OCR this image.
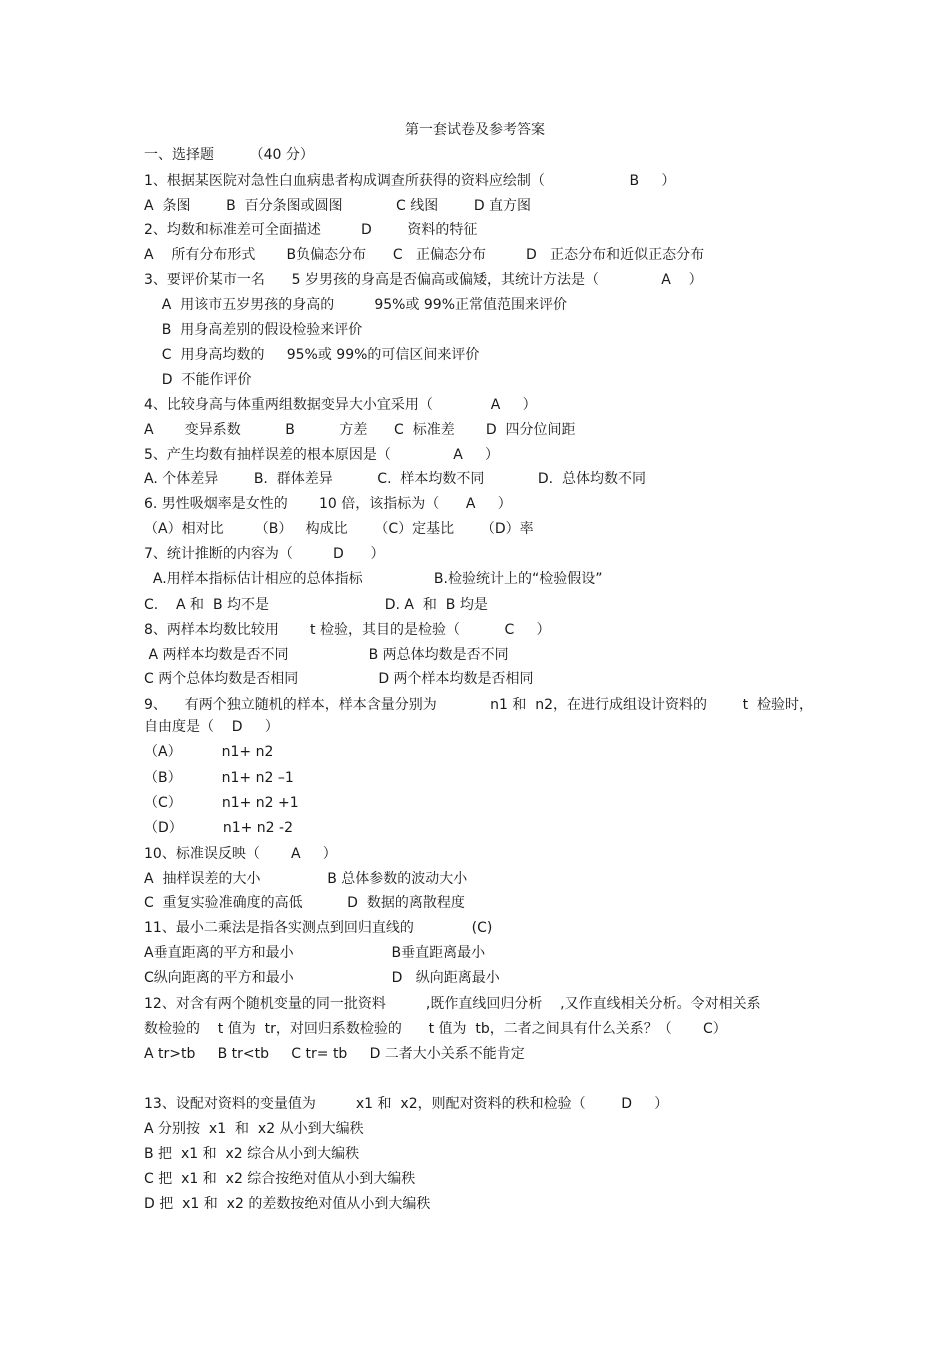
第一套试卷及参考答案
一、选择题        （40 分）
1、根据某医院对急性白血病患者构成调查所获得的资料应绘制（                   B     ）
A  条图        B  百分条图或圆图            C 线图        D 直方图
2、均数和标准差可全面描述         D        资料的特征
A    所有分布形式       B负偏态分布      C   正偏态分布         D   正态分布和近似正态分布
3、要评价某市一名      5 岁男孩的身高是否偏高或偏矮，其统计方法是（              A    ）
A  用该市五岁男孩的身高的         95%或 99%正常值范围来评价
B  用身高差别的假设检验来评价
C  用身高均数的     95%或 99%的可信区间来评价
D  不能作评价
4、比较身高与体重两组数据变异大小宜采用（             A     ）
A       变异系数          B          方差      C  标准差       D  四分位间距
5、产生均数有抽样误差的根本原因是（              A     ）
A. 个体差异        B.  群体差异          C.  样本均数不同            D.  总体均数不同
6. 男性吸烟率是女性的       10 倍，该指标为（      A     ）
（A）相对比       （B）   构成比      （C）定基比      （D）率
7、统计推断的内容为（         D      ）
A.用样本指标估计相应的总体指标                B.检验统计上的“检验假设”
C.    A 和  B 均不是                          D. A  和  B 均是
8、两样本均数比较用       t 检验，其目的是检验（          C     ）
A 两样本均数是否不同                  B 两总体均数是否不同
C 两个总体均数是否相同                  D 两个样本均数是否相同
9、    有两个独立随机的样本，样本含量分别为            n1 和  n2，在进行成组设计资料的        t  检验时，
自由度是（    D     ）
（A）         n1+ n2
（B）         n1+ n2 –1
（C）         n1+ n2 +1
（D）         n1+ n2 -2
10、标准误反映（       A     ）
A  抽样误差的大小               B 总体参数的波动大小
C  重复实验准确度的高低          D  数据的离散程度
11、最小二乘法是指各实测点到回归直线的             (C)
A垂直距离的平方和最小                      B垂直距离最小
C纵向距离的平方和最小                      D   纵向距离最小
12、对含有两个随机变量的同一批资料         ,既作直线回归分析    ,又作直线相关分析。令对相关系
数检验的    t 值为  tr，对回归系数检验的      t 值为  tb，二者之间具有什么关系？（       C）
A tr>tb     B tr<tb     C tr= tb     D 二者大小关系不能肯定
13、设配对资料的变量值为         x1 和  x2，则配对资料的秩和检验（        D     ）
A 分别按  x1  和  x2 从小到大编秩
B 把  x1 和  x2 综合从小到大编秩
C 把  x1 和  x2 综合按绝对值从小到大编秩
D 把  x1 和  x2 的差数按绝对值从小到大编秩
